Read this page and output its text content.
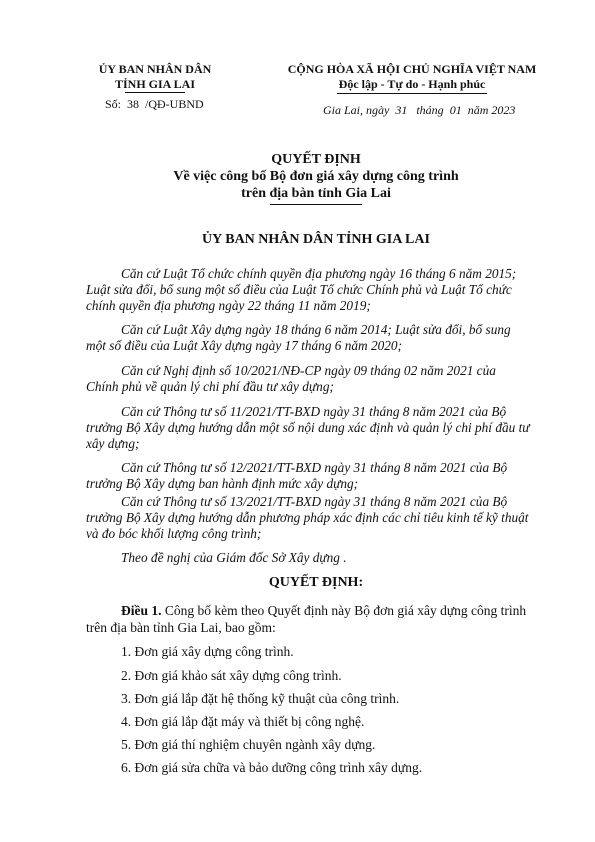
ỦY BAN NHÂN DÂN
TỈNH GIA LAI
Số: 38 /QĐ-UBND
CỘNG HÒA XÃ HỘI CHỦ NGHĨA VIỆT NAM
Độc lập - Tự do - Hạnh phúc
Gia Lai, ngày 31 tháng 01 năm 2023
QUYẾT ĐỊNH
Về việc công bố Bộ đơn giá xây dựng công trình
trên địa bàn tỉnh Gia Lai
ỦY BAN NHÂN DÂN TỈNH GIA LAI
Căn cứ Luật Tổ chức chính quyền địa phương ngày 16 tháng 6 năm 2015;
Luật sửa đổi, bổ sung một số điều của Luật Tổ chức Chính phủ và Luật Tổ chức
chính quyền địa phương ngày 22 tháng 11 năm 2019;
Căn cứ Luật Xây dựng ngày 18 tháng 6 năm 2014; Luật sửa đổi, bổ sung
một số điều của Luật Xây dựng ngày 17 tháng 6 năm 2020;
Căn cứ Nghị định số 10/2021/NĐ-CP ngày 09 tháng 02 năm 2021 của
Chính phủ về quản lý chi phí đầu tư xây dựng;
Căn cứ Thông tư số 11/2021/TT-BXD ngày 31 tháng 8 năm 2021 của Bộ
trưởng Bộ Xây dựng hướng dẫn một số nội dung xác định và quản lý chi phí đầu tư
xây dựng;
Căn cứ Thông tư số 12/2021/TT-BXD ngày 31 tháng 8 năm 2021 của Bộ
trưởng Bộ Xây dựng ban hành định mức xây dựng;
Căn cứ Thông tư số 13/2021/TT-BXD ngày 31 tháng 8 năm 2021 của Bộ
trưởng Bộ Xây dựng hướng dẫn phương pháp xác định các chỉ tiêu kinh tế kỹ thuật
và đo bóc khối lượng công trình;
Theo đề nghị của Giám đốc Sở Xây dựng .
QUYẾT ĐỊNH:
Điều 1. Công bố kèm theo Quyết định này Bộ đơn giá xây dựng công trình
trên địa bàn tỉnh Gia Lai, bao gồm:
1. Đơn giá xây dựng công trình.
2. Đơn giá khảo sát xây dựng công trình.
3. Đơn giá lắp đặt hệ thống kỹ thuật của công trình.
4. Đơn giá lắp đặt máy và thiết bị công nghệ.
5. Đơn giá thí nghiệm chuyên ngành xây dựng.
6. Đơn giá sửa chữa và bảo dưỡng công trình xây dựng.
